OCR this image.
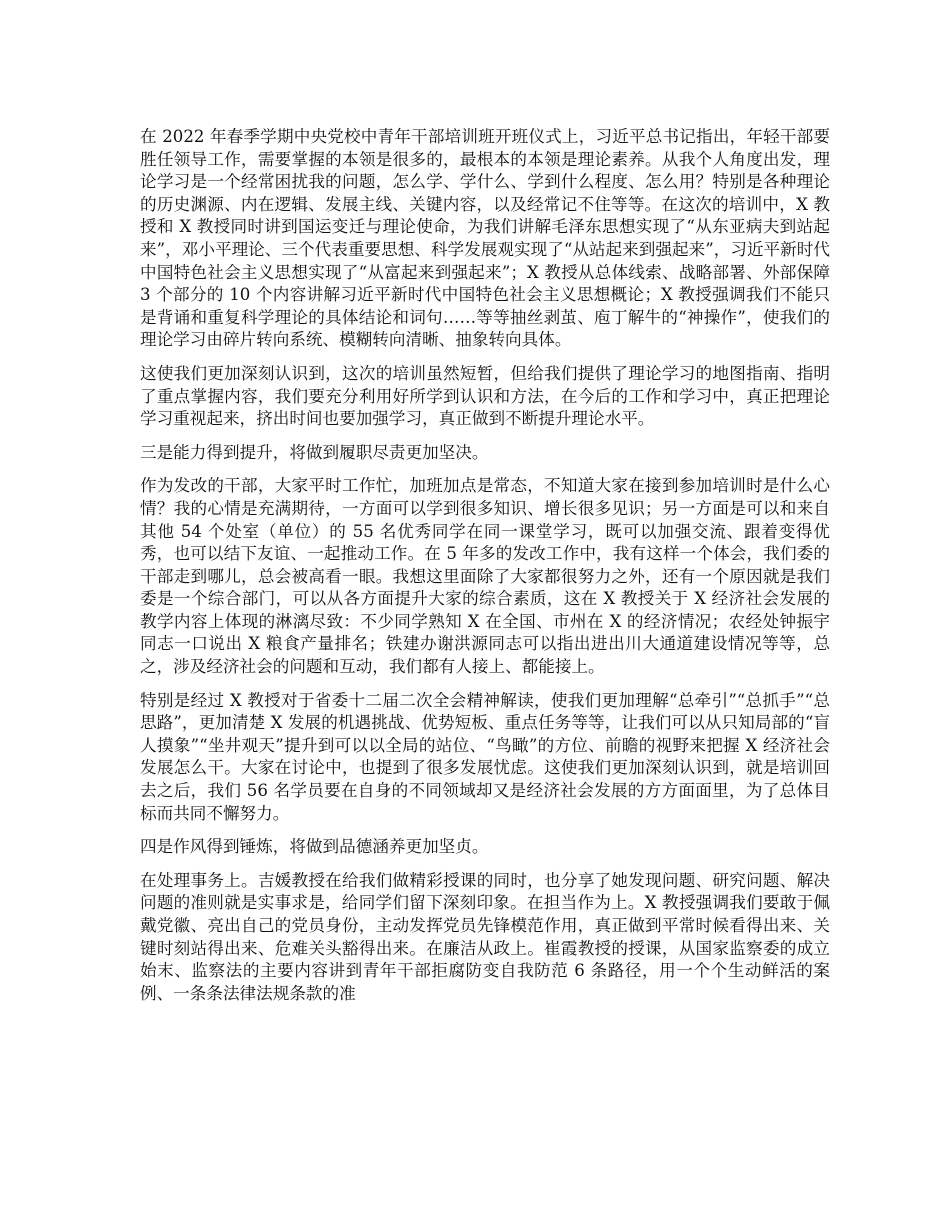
在 2022 年春季学期中央党校中青年干部培训班开班仪式上，习近平总书记指出，年轻干部要胜任领导工作，需要掌握的本领是很多的，最根本的本领是理论素养。从我个人角度出发，理论学习是一个经常困扰我的问题，怎么学、学什么、学到什么程度、怎么用？特别是各种理论的历史渊源、内在逻辑、发展主线、关键内容，以及经常记不住等等。在这次的培训中，X 教授和 X 教授同时讲到国运变迁与理论使命，为我们讲解毛泽东思想实现了“从东亚病夫到站起来”，邓小平理论、三个代表重要思想、科学发展观实现了“从站起来到强起来”，习近平新时代中国特色社会主义思想实现了“从富起来到强起来”；X 教授从总体线索、战略部署、外部保障 3 个部分的 10 个内容讲解习近平新时代中国特色社会主义思想概论；X 教授强调我们不能只是背诵和重复科学理论的具体结论和词句……等等抽丝剥茧、庖丁解牛的“神操作”，使我们的理论学习由碎片转向系统、模糊转向清晰、抽象转向具体。

这使我们更加深刻认识到，这次的培训虽然短暂，但给我们提供了理论学习的地图指南、指明了重点掌握内容，我们要充分利用好所学到认识和方法，在今后的工作和学习中，真正把理论学习重视起来，挤出时间也要加强学习，真正做到不断提升理论水平。

三是能力得到提升，将做到履职尽责更加坚决。

作为发改的干部，大家平时工作忙，加班加点是常态，不知道大家在接到参加培训时是什么心情？我的心情是充满期待，一方面可以学到很多知识、增长很多见识；另一方面是可以和来自其他 54 个处室（单位）的 55 名优秀同学在同一课堂学习，既可以加强交流、跟着变得优秀，也可以结下友谊、一起推动工作。在 5 年多的发改工作中，我有这样一个体会，我们委的干部走到哪儿，总会被高看一眼。我想这里面除了大家都很努力之外，还有一个原因就是我们委是一个综合部门，可以从各方面提升大家的综合素质，这在 X 教授关于 X 经济社会发展的教学内容上体现的淋漓尽致：不少同学熟知 X 在全国、市州在 X 的经济情况；农经处钟振宇同志一口说出 X 粮食产量排名；铁建办谢洪源同志可以指出进出川大通道建设情况等等，总之，涉及经济社会的问题和互动，我们都有人接上、都能接上。

特别是经过 X 教授对于省委十二届二次全会精神解读，使我们更加理解“总牵引”“总抓手”“总思路”，更加清楚 X 发展的机遇挑战、优势短板、重点任务等等，让我们可以从只知局部的“盲人摸象”“坐井观天”提升到可以以全局的站位、“鸟瞰”的方位、前瞻的视野来把握 X 经济社会发展怎么干。大家在讨论中，也提到了很多发展忧虑。这使我们更加深刻认识到，就是培训回去之后，我们 56 名学员要在自身的不同领域却又是经济社会发展的方方面面里，为了总体目标而共同不懈努力。

四是作风得到锤炼，将做到品德涵养更加坚贞。

在处理事务上。吉媛教授在给我们做精彩授课的同时，也分享了她发现问题、研究问题、解决问题的准则就是实事求是，给同学们留下深刻印象。在担当作为上。X 教授强调我们要敢于佩戴党徽、亮出自己的党员身份，主动发挥党员先锋模范作用，真正做到平常时候看得出来、关键时刻站得出来、危难关头豁得出来。在廉洁从政上。崔霞教授的授课，从国家监察委的成立始末、监察法的主要内容讲到青年干部拒腐防变自我防范 6 条路径，用一个个生动鲜活的案例、一条条法律法规条款的准
